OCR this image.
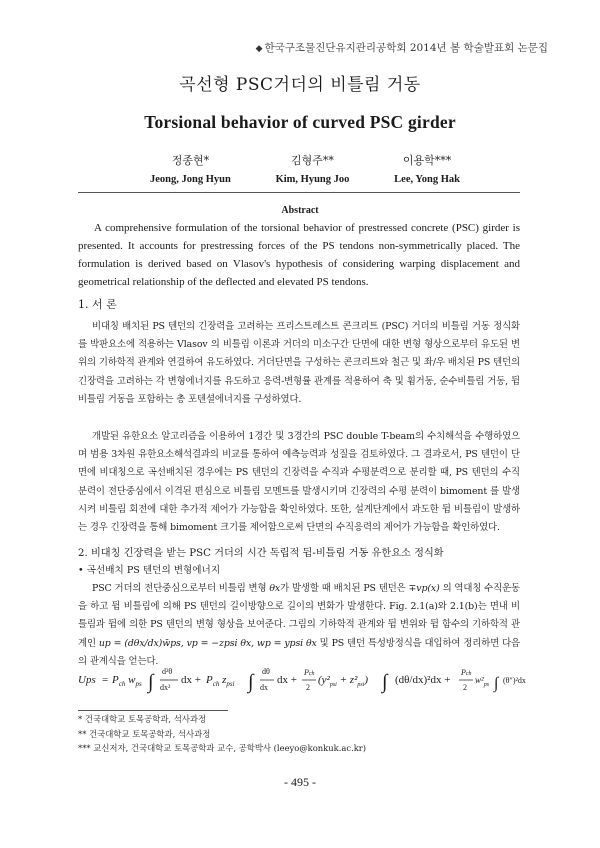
◆ 한국구조물진단유지관리공학회 2014년 봄 학술발표회 논문집
곡선형 PSC거더의 비틀림 거동
Torsional behavior of curved PSC girder
정종현*
Jeong, Jong Hyun
김형주**
Kim, Hyung Joo
이용학***
Lee, Yong Hak
Abstract

A comprehensive formulation of the torsional behavior of prestressed concrete (PSC) girder is presented. It accounts for prestressing forces of the PS tendons non-symmetrically placed. The formulation is derived based on Vlasov's hypothesis of considering warping displacement and geometrical relationship of the deflected and elevated PS tendons.

1. 서 론

비대칭 배치된 PS 텐던의 긴장력을 고려하는 프리스트레스트 콘크리트 (PSC) 거더의 비틀림 거동 정식화를 박판요소에 적용하는 Vlasov 의 비틀림 이론과 거더의 미소구간 단면에 대한 변형 형상으로부터 유도된 변위의 기하학적 관계와 연결하여 유도하였다. 거더단면을 구성하는 콘크리트와 철근 및 좌/우 배치된 PS 텐던의 긴장력을 고려하는 각 변형에너지를 유도하고 응력-변형률 관계를 적용하여 축 및 휨거동, 순수비틀림 거동, 뒴 비틀림 거동을 포함하는 총 포텐셜에너지를 구성하였다.

개발된 유한요소 알고리즘을 이용하여 1경간 및 3경간의 PSC double T-beam의 수치해석을 수행하였으며 범용 3차원 유한요소해석결과의 비교를 통하여 예측능력과 성질을 검토하였다. 그 결과로서, PS 텐던이 단면에 비대칭으로 곡선배치된 경우에는 PS 텐던의 긴장력을 수직과 수평분력으로 분리할 때, PS 텐던의 수직 분력이 전단중심에서 이격된 편심으로 비틀림 모멘트를 발생시키며 긴장력의 수평 분력이 bimoment 를 발생시켜 비틀림 회전에 대한 추가적 제어가 가능함을 확인하였다. 또한, 설계단계에서 과도한 뒴 비틀림이 발생하는 경우 긴장력을 통해 bimoment 크기를 제어함으로써 단면의 수직응력의 제어가 가능함을 확인하였다.

2. 비대칭 긴장력을 받는 PSC 거더의 시간 독립적 뒴-비틀림 거동 유한요소 정식화
• 곡선배치 PS 텐던의 변형에너지

PSC 거더의 전단중심으로부터 비틀림 변형 θx가 발생할 때 배치된 PS 텐던은 ∓vp(x) 의 역대칭 수직운동을 하고 뒴 비틀림에 의해 PS 텐던의 길이방향으로 길이의 변화가 발생한다. Fig. 2.1(a)와 2.1(b)는 면내 비틀림과 뒴에 의한 PS 텐던의 변형 형상을 보여준다. 그림의 기하학적 관계와 뒴 변위와 뒴 함수의 기하학적 관계인 up = (dθx/dx)w̄ps, vp = −zpsi θx, wp = ypsi θx 및 PS 텐던 특성방정식을 대입하여 정리하면 다음의 관계식을 얻는다.

Ups = $P_{ch}$ $w_{ps}$ ∫ d²θ
dx²
dx + $P_{ch}$ $z_{psi}$ ∫ dθ
dx
dx +
Pch
2
$(y^2_{psi} + z^2_{psi})$ ∫ (dθ/dx)²dx +
Pch
2
$w^2_{ps}$ ∫ (θ″)²dx
* 건국대학교 토목공학과, 석사과정
** 건국대학교 토목공학과, 석사과정
*** 교신저자, 건국대학교 토목공학과 교수, 공학박사 (leeyo@konkuk.ac.kr)
- 495 -
